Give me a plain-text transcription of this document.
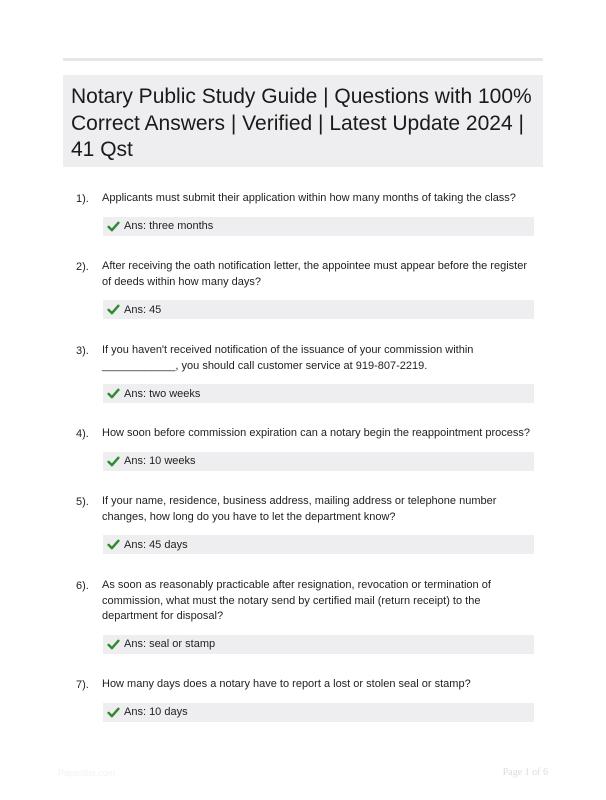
Notary Public Study Guide | Questions with 100% Correct Answers | Verified | Latest Update 2024 | 41 Qst
1). Applicants must submit their application within how many months of taking the class?
Ans: three months
2). After receiving the oath notification letter, the appointee must appear before the register of deeds within how many days?
Ans: 45
3). If you haven't received notification of the issuance of your commission within ____________, you should call customer service at 919-807-2219.
Ans: two weeks
4). How soon before commission expiration can a notary begin the reappointment process?
Ans: 10 weeks
5). If your name, residence, business address, mailing address or telephone number changes, how long do you have to let the department know?
Ans: 45 days
6). As soon as reasonably practicable after resignation, revocation or termination of commission, what must the notary send by certified mail (return receipt) to the department for disposal?
Ans: seal or stamp
7). How many days does a notary have to report a lost or stolen seal or stamp?
Ans: 10 days
Paperlibs.com	Page 1 of 6
